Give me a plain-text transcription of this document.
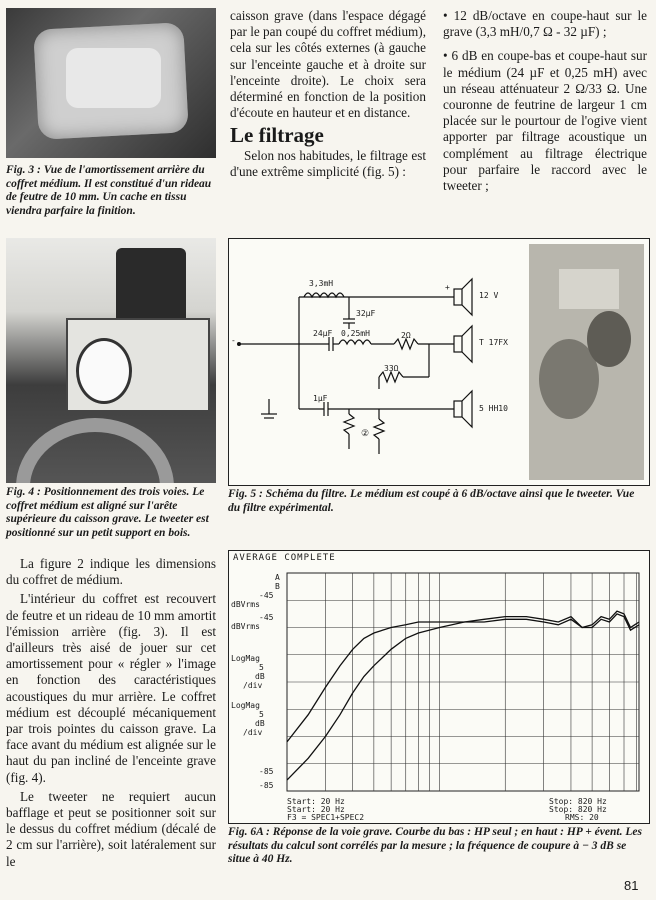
Fig. 3 : Vue de l'amortissement arrière du coffret médium. Il est constitué d'un rideau de feutre de 10 mm. Un cache en tissu viendra parfaire la finition.
Fig. 4 : Positionnement des trois voies. Le coffret médium est aligné sur l'arête supérieure du caisson grave. Le tweeter est positionné sur un petit support en bois.

La figure 2 indique les dimensions du coffret de médium.

L'intérieur du coffret est recouvert de feutre et un rideau de 10 mm amortit l'émission arrière (fig. 3). Il est d'ailleurs très aisé de jouer sur cet amortissement pour « régler » l'image en fonction des caractéristiques acoustiques du mur arrière. Le coffret médium est découplé mécaniquement par trois pointes du caisson grave. La face avant du médium est alignée sur le haut du pan incliné de l'enceinte grave (fig. 4).

Le tweeter ne requiert aucun bafflage et peut se positionner soit sur le dessus du coffret médium (décalé de 2 cm sur l'arrière), soit latéralement sur le

caisson grave (dans l'espace dégagé par le pan coupé du coffret médium), cela sur les côtés externes (à gauche sur l'enceinte gauche et à droite sur l'enceinte droite). Le choix sera déterminé en fonction de la position d'écoute en hauteur et en distance.
Le filtrage

Selon nos habitudes, le filtrage est d'une extrême simplicité (fig. 5) :

• 12 dB/octave en coupe-haut sur le grave (3,3 mH/0,7 Ω - 32 µF) ;
• 6 dB en coupe-bas et coupe-haut sur le médium (24 µF et 0,25 mH) avec un réseau atténuateur 2 Ω/33 Ω. Une couronne de feutrine de largeur 1 cm placée sur le pourtour de l'ogive vient apporter par filtrage acoustique un complément au filtrage électrique pour parfaire le raccord avec le tweeter ;
3,3mH
32µF
24µF 0,25mH	2Ω
33Ω
1µF
②
12 V
T 17FX
5 HH10
+
-
Fig. 5 : Schéma du filtre. Le médium est coupé à 6 dB/octave ainsi que le tweeter. Vue du filtre expérimental.
AVERAGE COMPLETE
A
B
-45
dBVrms
-45
dBVrms
LogMag
5
dB
/div
LogMag
5
dB
/div
-85
-85
Start: 20 Hz
Start: 20 Hz
F3 = SPEC1+SPEC2
Stop: 820 Hz
Stop: 820 Hz
RMS: 20
Fig. 6A : Réponse de la voie grave. Courbe du bas : HP seul ; en haut : HP + évent. Les résultats du calcul sont corrélés par la mesure ; la fréquence de coupure à − 3 dB se situe à 40 Hz.
81
